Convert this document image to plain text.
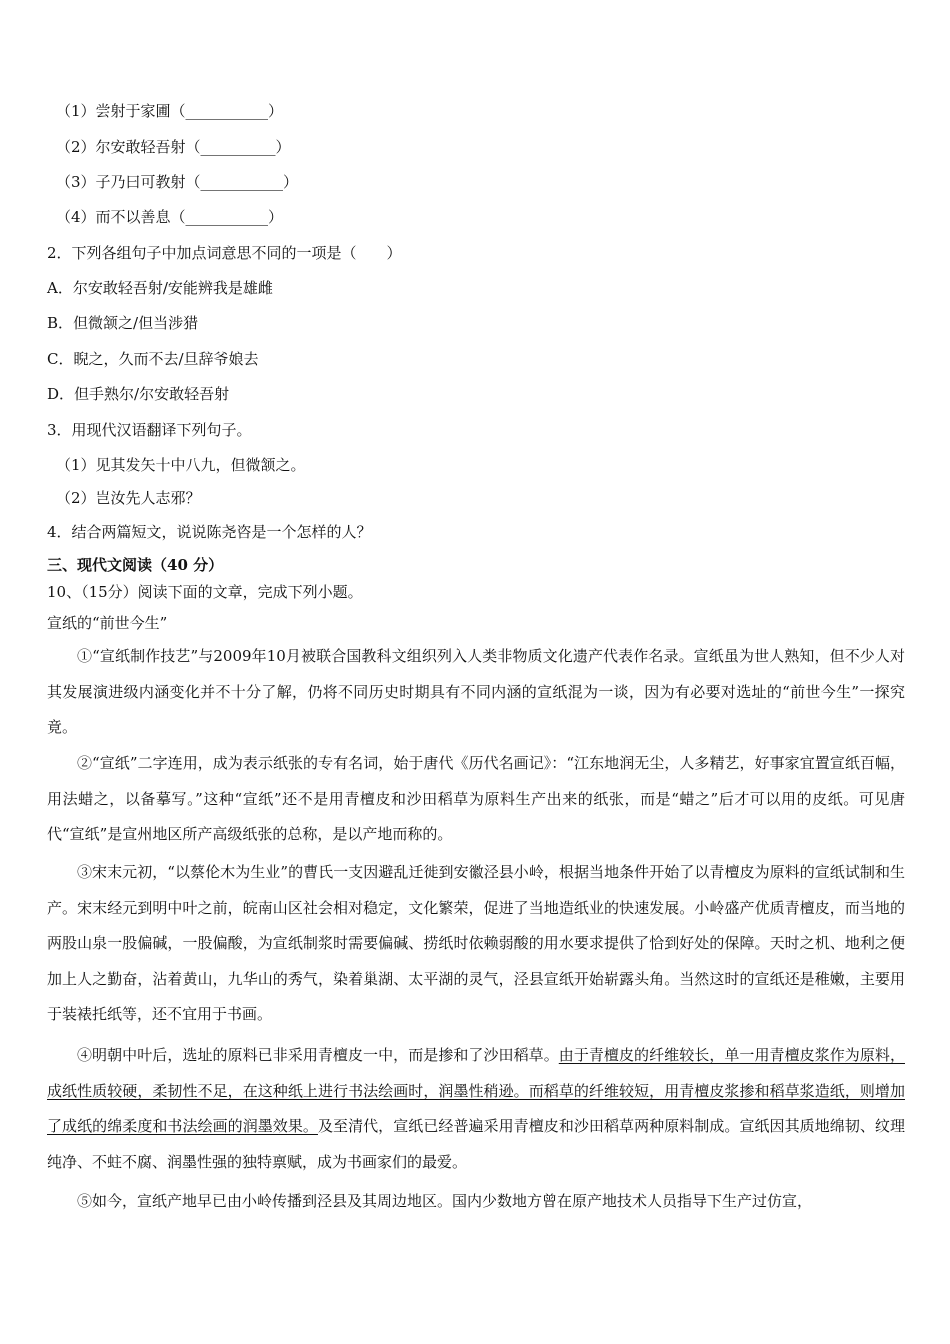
（1）尝射于家圃（___________）
（2）尔安敢轻吾射（__________）
（3）子乃曰可教射（___________）
（4）而不以善息（___________）
2．下列各组句子中加点词意思不同的一项是（　　）
A．尔安敢轻吾射/安能辨我是雄雌
B．但微颔之/但当涉猎
C．睨之，久而不去/旦辞爷娘去
D．但手熟尔/尔安敢轻吾射
3．用现代汉语翻译下列句子。
（1）见其发矢十中八九，但微颔之。
（2）岂汝先人志邪？
4．结合两篇短文，说说陈尧咨是一个怎样的人？
三、现代文阅读（40 分）
10、（15分）阅读下面的文章，完成下列小题。
宣纸的“前世今生”
①“宣纸制作技艺”与2009年10月被联合国教科文组织列入人类非物质文化遗产代表作名录。宣纸虽为世人熟知，但不少人对其发展演进级内涵变化并不十分了解，仍将不同历史时期具有不同内涵的宣纸混为一谈，因为有必要对选址的“前世今生”一探究竟。
②“宣纸”二字连用，成为表示纸张的专有名词，始于唐代《历代名画记》：“江东地润无尘，人多精艺，好事家宜置宣纸百幅，用法蜡之，以备摹写。”这种“宣纸”还不是用青檀皮和沙田稻草为原料生产出来的纸张，而是“蜡之”后才可以用的皮纸。可见唐代“宣纸”是宣州地区所产高级纸张的总称，是以产地而称的。
③宋末元初，“以蔡伦木为生业”的曹氏一支因避乱迁徙到安徽泾县小岭，根据当地条件开始了以青檀皮为原料的宣纸试制和生产。宋末经元到明中叶之前，皖南山区社会相对稳定，文化繁荣，促进了当地造纸业的快速发展。小岭盛产优质青檀皮，而当地的两股山泉一股偏碱，一股偏酸，为宣纸制浆时需要偏碱、捞纸时依赖弱酸的用水要求提供了恰到好处的保障。天时之机、地利之便加上人之勤奋，沾着黄山，九华山的秀气，染着巢湖、太平湖的灵气，泾县宣纸开始崭露头角。当然这时的宣纸还是稚嫩，主要用于装裱托纸等，还不宜用于书画。
④明朝中叶后，选址的原料已非采用青檀皮一中，而是掺和了沙田稻草。由于青檀皮的纤维较长，单一用青檀皮浆作为原料，成纸性质较硬，柔韧性不足，在这种纸上进行书法绘画时，润墨性稍逊。而稻草的纤维较短，用青檀皮浆掺和稻草浆造纸，则增加了成纸的绵柔度和书法绘画的润墨效果。及至清代，宣纸已经普遍采用青檀皮和沙田稻草两种原料制成。宣纸因其质地绵韧、纹理纯净、不蛀不腐、润墨性强的独特禀赋，成为书画家们的最爱。
⑤如今，宣纸产地早已由小岭传播到泾县及其周边地区。国内少数地方曾在原产地技术人员指导下生产过仿宣，
